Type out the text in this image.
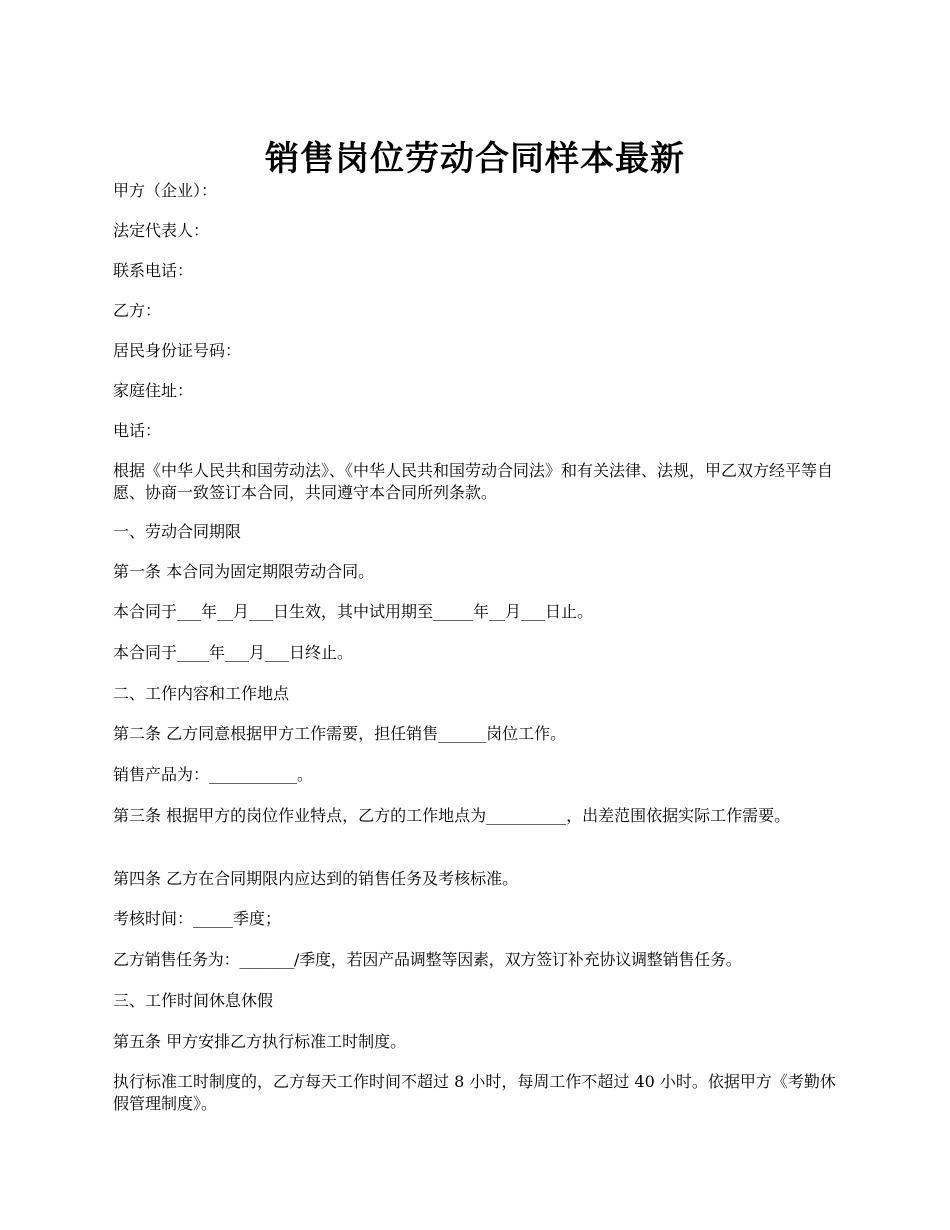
销售岗位劳动合同样本最新

甲方（企业）：

法定代表人：

联系电话：

乙方：

居民身份证号码：

家庭住址：

电话：

根据《中华人民共和国劳动法》、《中华人民共和国劳动合同法》和有关法律、法规，甲乙双方经平等自愿、协商一致签订本合同，共同遵守本合同所列条款。

一、劳动合同期限

第一条 本合同为固定期限劳动合同。

本合同于___年__月___日生效，其中试用期至_____年__月___日止。

本合同于____年___月___日终止。

二、工作内容和工作地点

第二条 乙方同意根据甲方工作需要，担任销售______岗位工作。

销售产品为：___________。

第三条 根据甲方的岗位作业特点，乙方的工作地点为__________，出差范围依据实际工作需要。

第四条 乙方在合同期限内应达到的销售任务及考核标准。

考核时间：_____季度；

乙方销售任务为：_______/季度，若因产品调整等因素，双方签订补充协议调整销售任务。

三、工作时间休息休假

第五条 甲方安排乙方执行标准工时制度。

执行标准工时制度的，乙方每天工作时间不超过 8 小时，每周工作不超过 40 小时。依据甲方《考勤休假管理制度》。
